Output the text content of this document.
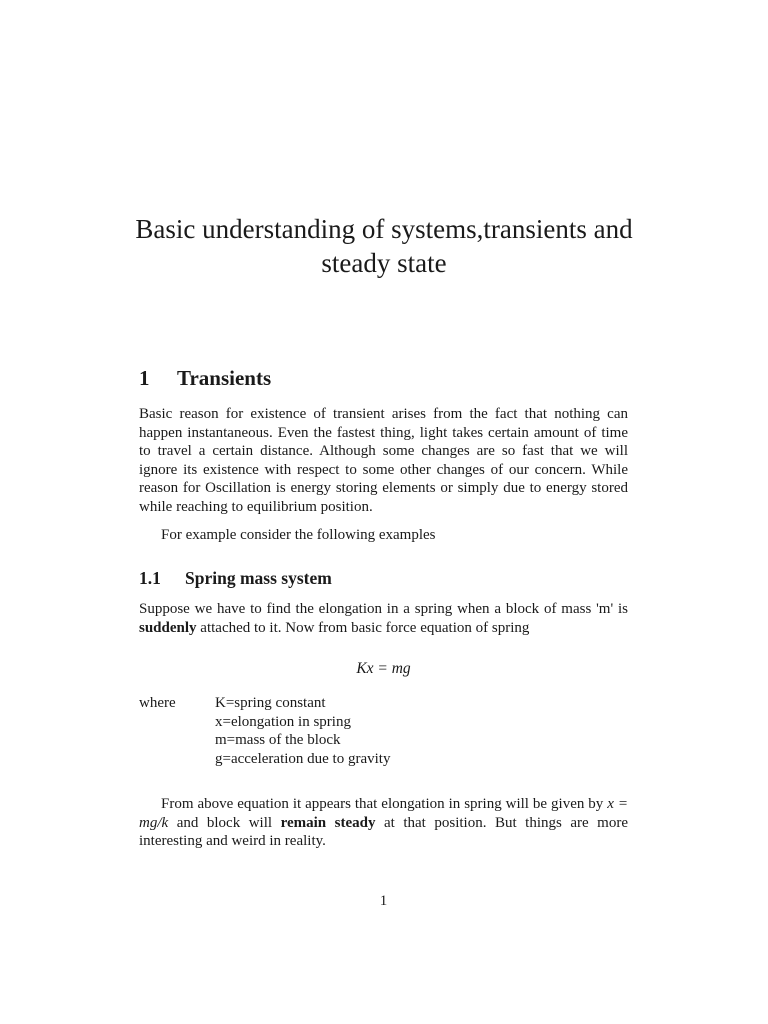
Basic understanding of systems,transients and
steady state
1 Transients

Basic reason for existence of transient arises from the fact that nothing can happen instantaneous. Even the fastest thing, light takes certain amount of time to travel a certain distance. Although some changes are so fast that we will ignore its existence with respect to some other changes of our concern. While reason for Oscillation is energy storing elements or simply due to energy stored while reaching to equilibrium position.

For example consider the following examples

1.1 Spring mass system

Suppose we have to find the elongation in a spring when a block of mass 'm' is suddenly attached to it. Now from basic force equation of spring

Kx = mg

where	K=spring constant
x=elongation in spring
m=mass of the block
g=acceleration due to gravity

From above equation it appears that elongation in spring will be given by x = mg/k and block will remain steady at that position. But things are more interesting and weird in reality.

1
